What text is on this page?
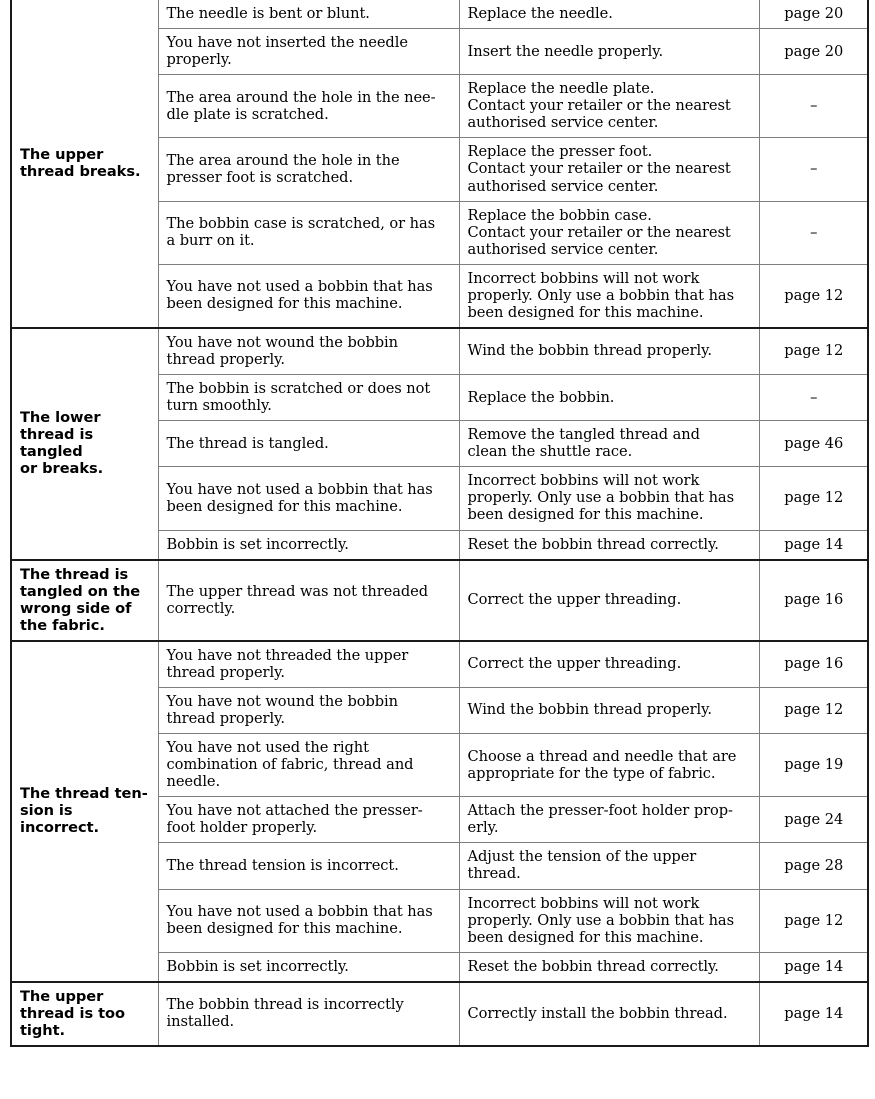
The upper
thread breaks.	The needle is bent or blunt.	Replace the needle.	page 20

	You have not inserted the needle
properly.	Insert the needle properly.	page 20

	The area around the hole in the nee-
dle plate is scratched.	Replace the needle plate.
Contact your retailer or the nearest
authorised service center.	–

	The area around the hole in the
presser foot is scratched.	Replace the presser foot.
Contact your retailer or the nearest
authorised service center.	–

	The bobbin case is scratched, or has
a burr on it.	Replace the bobbin case.
Contact your retailer or the nearest
authorised service center.	–

	You have not used a bobbin that has
been designed for this machine.	Incorrect bobbins will not work
properly. Only use a bobbin that has
been designed for this machine.	page 12

The lower
thread is tangled
or breaks.	You have not wound the bobbin
thread properly.	Wind the bobbin thread properly.	page 12

	The bobbin is scratched or does not
turn smoothly.	Replace the bobbin.	–

	The thread is tangled.	Remove the tangled thread and
clean the shuttle race.	page 46

	You have not used a bobbin that has
been designed for this machine.	Incorrect bobbins will not work
properly. Only use a bobbin that has
been designed for this machine.	page 12

	Bobbin is set incorrectly.	Reset the bobbin thread correctly.	page 14

The thread is
tangled on the
wrong side of
the fabric.	The upper thread was not threaded
correctly.	Correct the upper threading.	page 16

The thread ten-
sion is incorrect.	You have not threaded the upper
thread properly.	Correct the upper threading.	page 16

	You have not wound the bobbin
thread properly.	Wind the bobbin thread properly.	page 12

	You have not used the right
combination of fabric, thread and
needle.	Choose a thread and needle that are
appropriate for the type of fabric.	page 19

	You have not attached the presser-
foot holder properly.	Attach the presser-foot holder prop-
erly.	page 24

	The thread tension is incorrect.	Adjust the tension of the upper
thread.	page 28

	You have not used a bobbin that has
been designed for this machine.	Incorrect bobbins will not work
properly. Only use a bobbin that has
been designed for this machine.	page 12

	Bobbin is set incorrectly.	Reset the bobbin thread correctly.	page 14

The upper
thread is too
tight.	The bobbin thread is incorrectly
installed.	Correctly install the bobbin thread.	page 14
